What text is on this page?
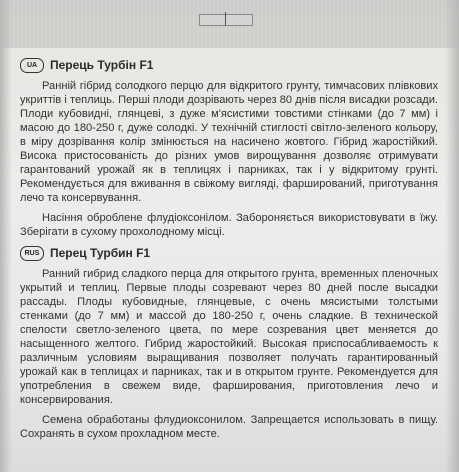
UA	Перець Турбін F1

Ранній гібрид солодкого перцю для відкритого грунту, тимчасових плівкових укриттів і теплиць. Перші плоди дозрівають через 80 днів після висадки розсади. Плоди кубовидні, глянцеві, з дуже м'ясистими товстими стінками (до 7 мм) і масою до 180-250 г, дуже солодкі. У технічній стиглості світло-зеленого кольору, в міру дозрівання колір змінюється на насичено жовтого. Гібрид жаростійкий. Висока пристосованість до різних умов вирощування дозволяє отримувати гарантований урожай як в теплицях і парниках, так і у відкритому грунті. Рекомендується для вживання в свіжому вигляді, фарширований, приготування лечо та консервування.

Насіння оброблене флудіоксонілом. Забороняється використовувати в їжу. Зберігати в сухому прохолодному місці.

RUS Перец Турбин F1

Ранний гибрид сладкого перца для открытого грунта, временных пленочных укрытий и теплиц. Первые плоды созревают через 80 дней после высадки рассады. Плоды кубовидные, глянцевые, с очень мясистыми толстыми стенками (до 7 мм) и массой до 180-250 г, очень сладкие. В технической спелости светло-зеленого цвета, по мере созревания цвет меняется до насыщенного желтого. Гибрид жаростойкий. Высокая приспосабливаемость к различным условиям выращивания позволяет получать гарантированный урожай как в теплицах и парниках, так и в открытом грунте. Рекомендуется для употребления в свежем виде, фарширования, приготовления лечо и консервирования.

Семена обработаны флудиоксонилом. Запрещается использовать в пищу. Сохранять в сухом прохладном месте.
